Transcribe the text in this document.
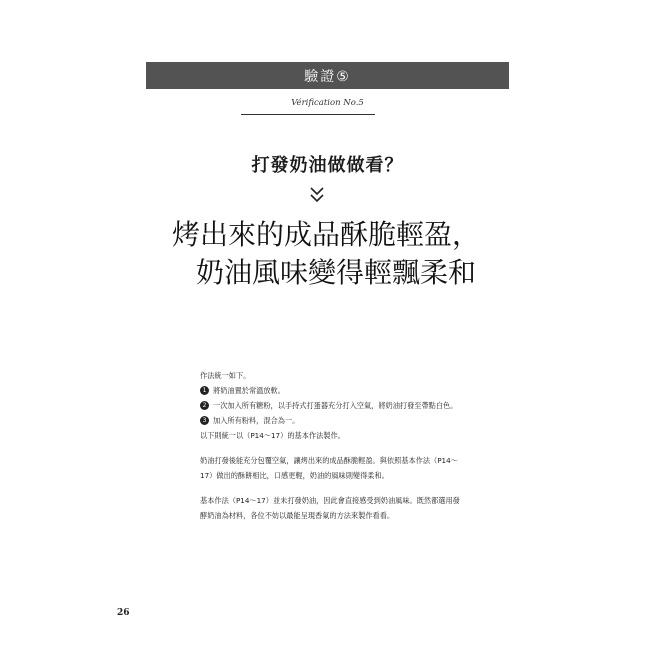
驗證⑤
Vérification No.5
打發奶油做做看？
烤出來的成品酥脆輕盈，
奶油風味變得輕飄柔和
作法統一如下。
1 將奶油置於常溫放軟。
2 一次加入所有糖粉，以手持式打蛋器充分打入空氣，將奶油打發至帶點白色。
3 加入所有粉料，混合為一。
以下則統一以（P14～17）的基本作法製作。
奶油打發後能充分包覆空氣，讓烤出來的成品酥脆輕盈。與依照基本作法（P14～17）做出的酥餅相比，口感更輕，奶油的風味則變得柔和。
基本作法（P14～17）並未打發奶油，因此會直接感受到奶油風味。既然都選用發酵奶油為材料，各位不妨以最能呈現香氣的方法來製作看看。
26
